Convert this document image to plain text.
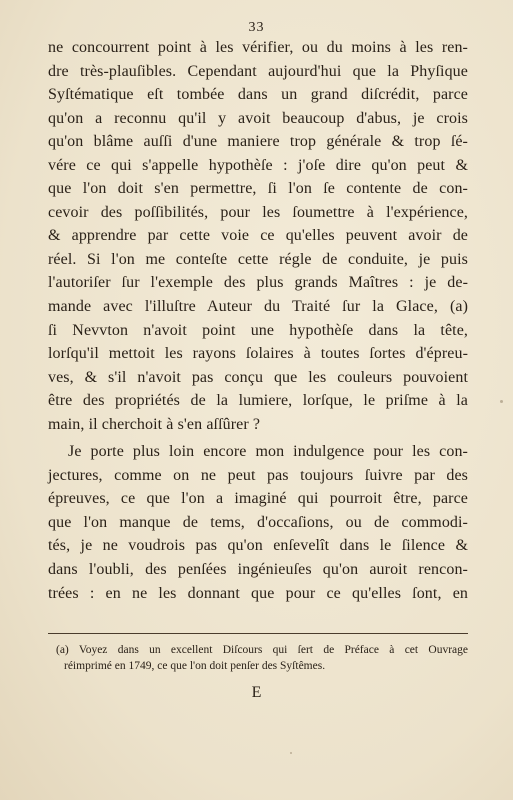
33
ne concourrent point à les vérifier, ou du moins à les ren-
dre très-plauſibles. Cependant aujourd'hui que la Phyſique
Syſtématique eſt tombée dans un grand diſcrédit, parce
qu'on a reconnu qu'il y avoit beaucoup d'abus, je crois
qu'on blâme auſſi d'une maniere trop générale & trop ſé-
vére ce qui s'appelle hypothèſe : j'oſe dire qu'on peut &
que l'on doit s'en permettre, ſi l'on ſe contente de con-
cevoir des poſſibilités, pour les ſoumettre à l'expérience,
& apprendre par cette voie ce qu'elles peuvent avoir de
réel. Si l'on me conteſte cette régle de conduite, je puis
l'autoriſer ſur l'exemple des plus grands Maîtres : je de-
mande avec l'illuſtre Auteur du Traité ſur la Glace, (a)
ſi Nevvton n'avoit point une hypothèſe dans la tête,
lorſqu'il mettoit les rayons ſolaires à toutes ſortes d'épreu-
ves, & s'il n'avoit pas conçu que les couleurs pouvoient
être des propriétés de la lumiere, lorſque, le priſme à la
main, il cherchoit à s'en aſſûrer ?
Je porte plus loin encore mon indulgence pour les con-
jectures, comme on ne peut pas toujours ſuivre par des
épreuves, ce que l'on a imaginé qui pourroit être, parce
que l'on manque de tems, d'occaſions, ou de commodi-
tés, je ne voudrois pas qu'on enſevelît dans le ſilence &
dans l'oubli, des penſées ingénieuſes qu'on auroit rencon-
trées : en ne les donnant que pour ce qu'elles ſont, en
(a) Voyez dans un excellent Diſcours qui ſert de Préface à cet Ouvrage
réimprimé en 1749, ce que l'on doit penſer des Syſtêmes.
E
